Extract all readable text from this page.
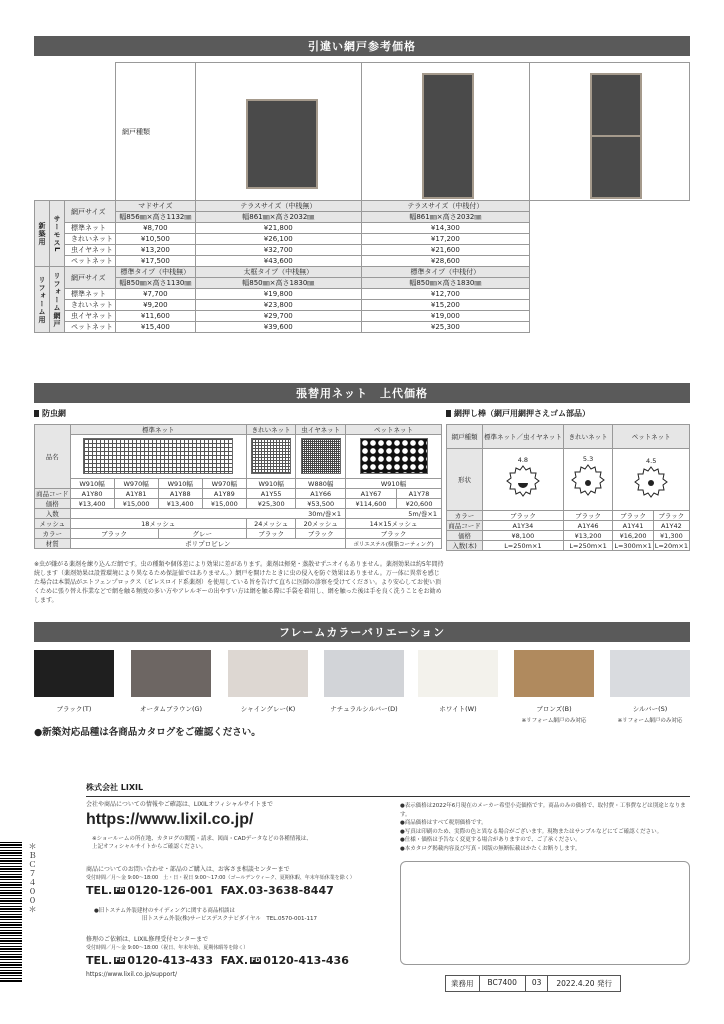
引違い網戸参考価格
			網戸種類	

新築用	サーモスL	網戸サイズ	マドサイズ	テラスサイズ（中桟無）	テラスサイズ（中桟付）	
			幅856㎜×高さ1132㎜	幅861㎜×高さ2032㎜	幅861㎜×高さ2032㎜	
		標準ネット	¥8,700	¥21,800	¥14,300	
		きれいネット	¥10,500	¥26,100	¥17,200	
		虫イヤネット	¥13,200	¥32,700	¥21,600	
		ペットネット	¥17,500	¥43,600	¥28,600	
リフォーム用	リフォーム網戸	網戸サイズ	標準タイプ（中桟無）	太框タイプ（中桟無）	標準タイプ（中桟付）	
			幅850㎜×高さ1130㎜	幅850㎜×高さ1830㎜	幅850㎜×高さ1830㎜	
		標準ネット	¥7,700	¥19,800	¥12,700	
		きれいネット	¥9,200	¥23,800	¥15,200	
		虫イヤネット	¥11,600	¥29,700	¥19,000	
		ペットネット	¥15,400	¥39,600	¥25,300	
張替用ネット　上代価格
防虫網	網押し棒（網戸用網押さえゴム部品）
品名	標準ネット				きれいネット	虫イヤネット	ペットネット	

	W910幅	W970幅	W910幅	W970幅	W910幅	W880幅	W910幅	
商品コード	A1Y80	A1Y81	A1Y88	A1Y89	A1Y55	A1Y66	A1Y67	A1Y78
価格	¥13,400	¥15,000	¥13,400	¥15,000	¥25,300	¥53,500	¥114,600	¥20,600
入数	30m/巻×1						5m/巻×1	
メッシュ	18メッシュ				24メッシュ	20メッシュ	14×15メッシュ	
カラー	ブラック		グレー		ブラック	ブラック	ブラック	
材質	ポリプロピレン						ポリエステル(樹脂コーティング)	
網戸種類	標準ネット／虫イヤネット	きれいネット	ペットネット	
形状	4.8	5.3	4.5	

カラー	ブラック	ブラック	ブラック	ブラック
商品コード	A1Y34	A1Y46	A1Y41	A1Y42
価格	¥8,100	¥13,200	¥16,200	¥1,300
入数(本)	L=250m×1	L=250m×1	L=300m×1	L=20m×1
※虫が嫌がる薬剤を練り込んだ網です。虫の種類や個体差により効果に差があります。薬剤は揮発・蒸散せずニオイもありません。薬剤効果は約5年間持続します（薬剤効果は設置環境により異なるため保証値ではありません。）網戸を開けたときに虫の侵入を防ぐ効果はありません。万一体に異常を感じた場合は本製品がエトフェンプロックス（ピレスロイド系薬剤）を使用している旨を告げて直ちに医師の診察を受けてください。より安心してお使い頂くために張り替え作業などで網を触る頻度の多い方やアレルギーの出やすい方は網を触る際に手袋を着用し、網を触った後は手を良く洗うことをお勧めします。
フレームカラーバリエーション
ブラック(T)	オータムブラウン(G)	シャイングレー(K)	ナチュラルシルバー(D)	ホワイト(W)	ブロンズ(B)	シルバー(S)
※リフォーム網戸のみ対応	※リフォーム網戸のみ対応
●新築対応品種は各商品カタログをご確認ください。
株式会社 LIXIL
会社や商品についての情報やご確認は、LIXILオフィシャルサイトまで
https://www.lixil.co.jp/
※ショールームの所在地、カタログの閲覧・請求、図面・CADデータなどの各種情報は、
上記オフィシャルサイトからご確認ください。
商品についてのお問い合わせ・部品のご購入は、お客さま相談センターまで
受付時間／月〜金 9:00〜18:00　土・日・祝日 9:00〜17:00（ゴールデンウィーク、夏期休暇、年末年始休業を除く）
TEL. FD 0120-126-001 FAX.03-3638-8447
●旧トステム外装建材のサイディングに関する商品相談は
旧トステム外装(株)サービスデスクナビダイヤル　TEL.0570-001-117
修理のご依頼は、LIXIL修理受付センターまで
受付時間／月〜金 9:00〜18:00（祝日、年末年始、夏期休暇等を除く）
TEL. FD 0120-413-433 FAX. FD 0120-413-436
https://www.lixil.co.jp/support/
●表示価格は2022年6月現在のメーカー希望小売価格です。商品のみの価格で、取付費・工事費などは別途となります。
●商品価格はすべて税別価格です。
●写真は印刷のため、実際の色と異なる場合がございます。現物またはサンプルなどにてご確認ください。
●仕様・価格は予告なく変更する場合がありますので、ご了承ください。
●本カタログ掲載内容及び写真・図版の無断転載はかたくお断りします。
業務用	BC7400	03	2022.4.20 発行
＊ＢＣ７４００＊
